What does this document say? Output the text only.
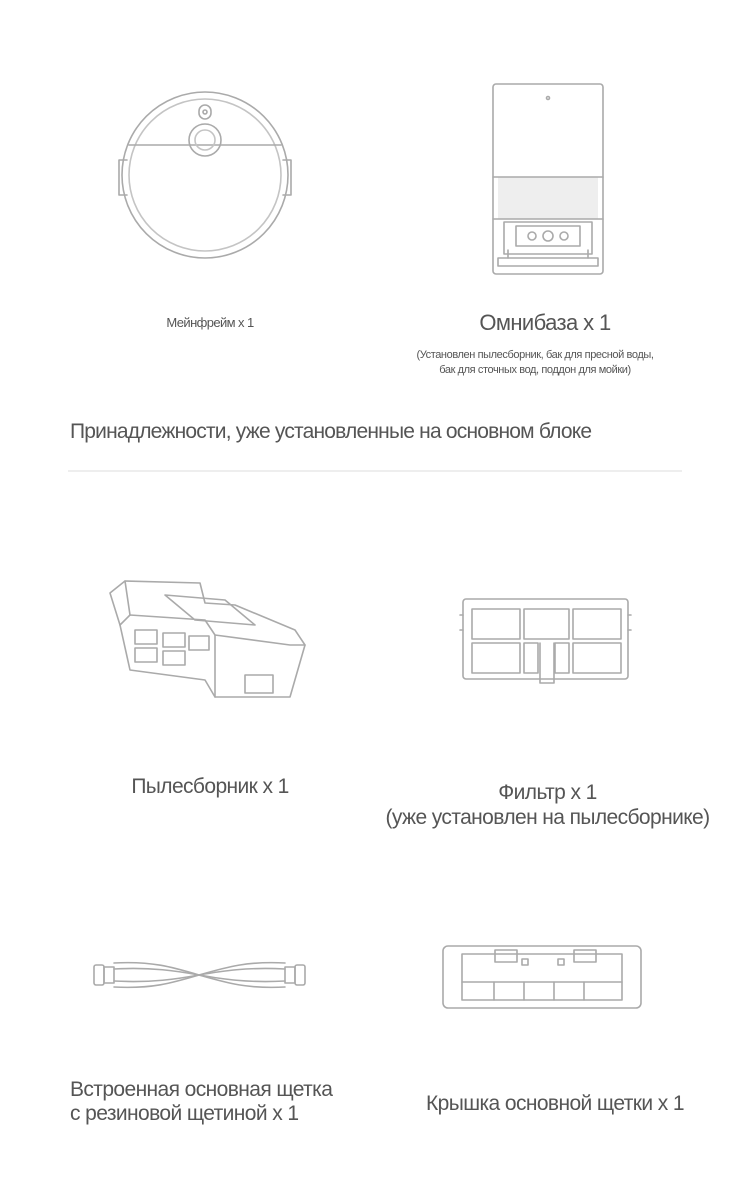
Мейнфрейм x 1	Омнибаза x 1
(Установлен пылесборник, бак для пресной воды,
бак для сточных вод, поддон для мойки)
Принадлежности, уже установленные на основном блоке
Пылесборник x 1	Фильтр x 1
(уже установлен на пылесборнике)
Встроенная основная щетка
с резиновой щетиной x 1	Крышка основной щетки x 1
